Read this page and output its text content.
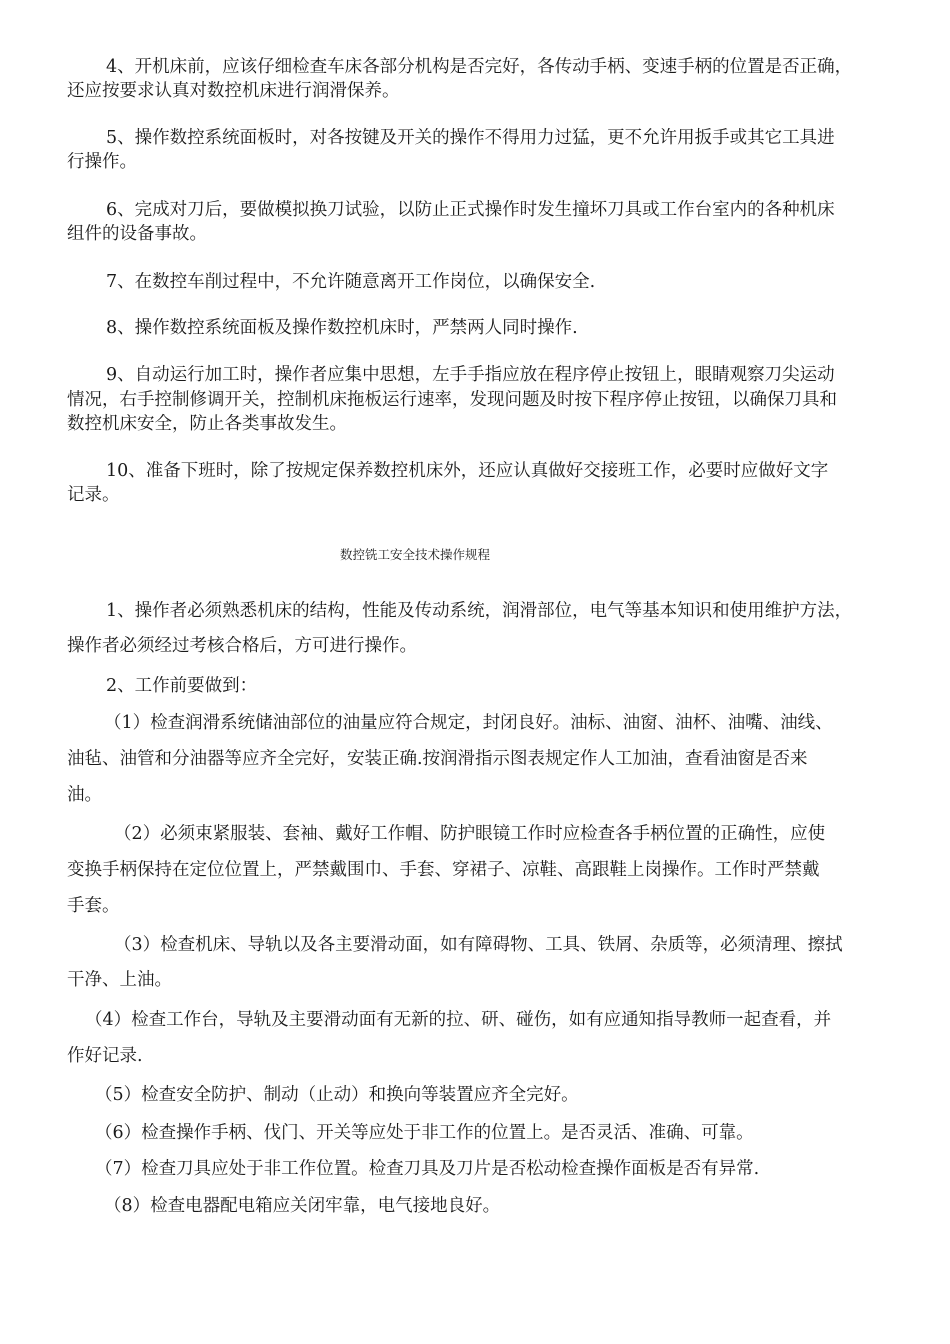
4、开机床前，应该仔细检查车床各部分机构是否完好，各传动手柄、变速手柄的位置是否正确，
还应按要求认真对数控机床进行润滑保养。
5、操作数控系统面板时，对各按键及开关的操作不得用力过猛，更不允许用扳手或其它工具进
行操作。
6、完成对刀后，要做模拟换刀试验，以防止正式操作时发生撞坏刀具或工作台室内的各种机床
组件的设备事故。
7、在数控车削过程中，不允许随意离开工作岗位，以确保安全.
8、操作数控系统面板及操作数控机床时，严禁两人同时操作.
9、自动运行加工时，操作者应集中思想，左手手指应放在程序停止按钮上，眼睛观察刀尖运动
情况，右手控制修调开关，控制机床拖板运行速率，发现问题及时按下程序停止按钮，以确保刀具和
数控机床安全，防止各类事故发生。
10、准备下班时，除了按规定保养数控机床外，还应认真做好交接班工作，必要时应做好文字
记录。
数控铣工安全技术操作规程
1、操作者必须熟悉机床的结构，性能及传动系统，润滑部位，电气等基本知识和使用维护方法，
操作者必须经过考核合格后，方可进行操作。
2、工作前要做到：
（1）检查润滑系统储油部位的油量应符合规定，封闭良好。油标、油窗、油杯、油嘴、油线、
油毡、油管和分油器等应齐全完好，安装正确.按润滑指示图表规定作人工加油，查看油窗是否来
油。
（2）必须束紧服装、套袖、戴好工作帽、防护眼镜工作时应检查各手柄位置的正确性，应使
变换手柄保持在定位位置上，严禁戴围巾、手套、穿裙子、凉鞋、高跟鞋上岗操作。工作时严禁戴
手套。
（3）检查机床、导轨以及各主要滑动面，如有障碍物、工具、铁屑、杂质等，必须清理、擦拭
干净、上油。
（4）检查工作台，导轨及主要滑动面有无新的拉、研、碰伤，如有应通知指导教师一起查看，并
作好记录.
（5）检查安全防护、制动（止动）和换向等装置应齐全完好。
（6）检查操作手柄、伐门、开关等应处于非工作的位置上。是否灵活、准确、可靠。
（7）检查刀具应处于非工作位置。检查刀具及刀片是否松动检查操作面板是否有异常.
（8）检查电器配电箱应关闭牢靠，电气接地良好。
